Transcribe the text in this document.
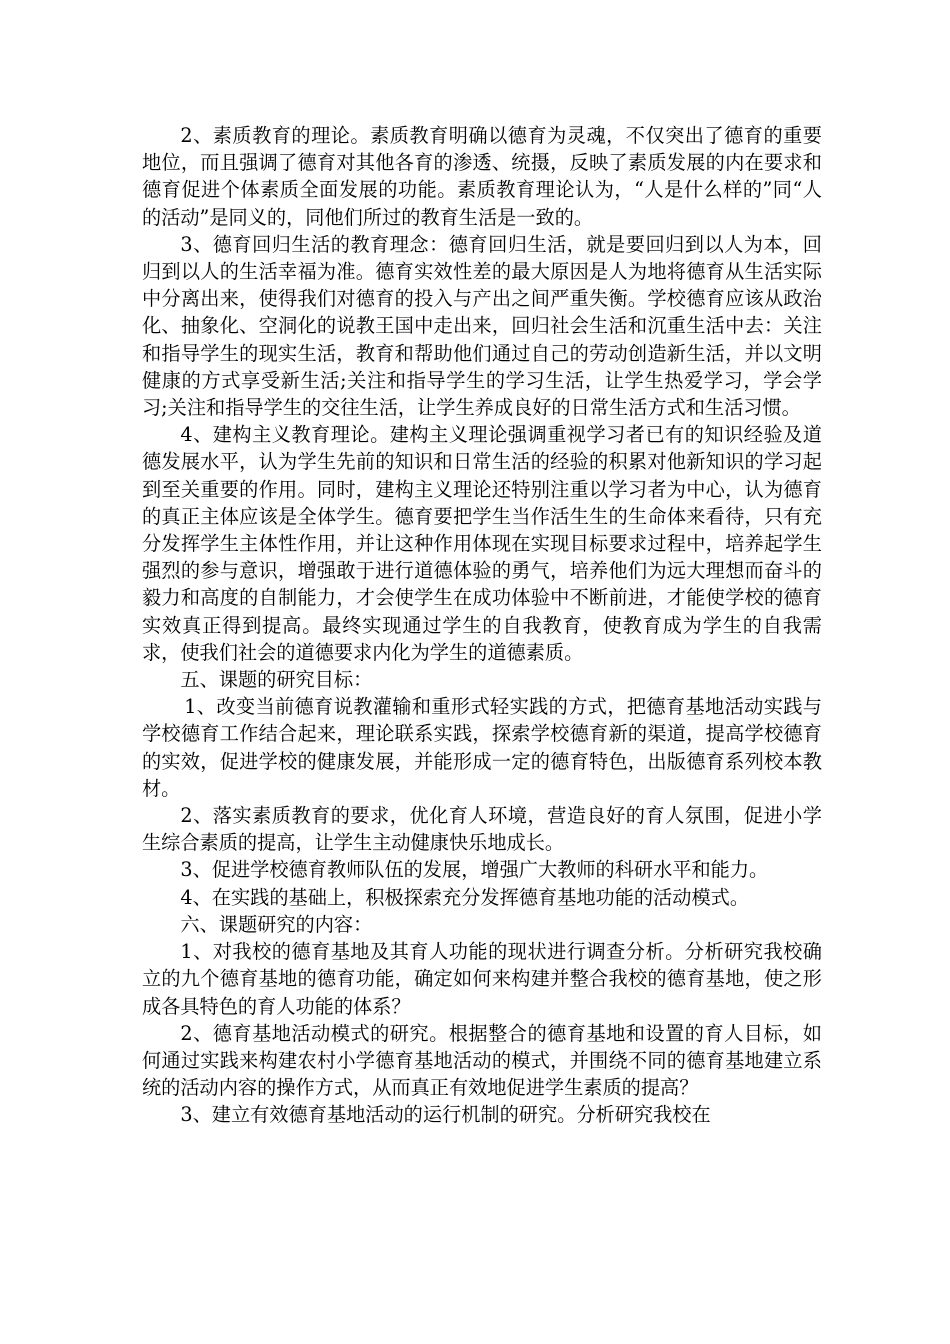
2、素质教育的理论。素质教育明确以德育为灵魂，不仅突出了德育的重要地位，而且强调了德育对其他各育的渗透、统摄，反映了素质发展的内在要求和德育促进个体素质全面发展的功能。素质教育理论认为，“人是什么样的”同“人的活动”是同义的，同他们所过的教育生活是一致的。

3、德育回归生活的教育理念：德育回归生活，就是要回归到以人为本，回归到以人的生活幸福为准。德育实效性差的最大原因是人为地将德育从生活实际中分离出来，使得我们对德育的投入与产出之间严重失衡。学校德育应该从政治化、抽象化、空洞化的说教王国中走出来，回归社会生活和沉重生活中去：关注和指导学生的现实生活，教育和帮助他们通过自己的劳动创造新生活，并以文明健康的方式享受新生活;关注和指导学生的学习生活，让学生热爱学习，学会学习;关注和指导学生的交往生活，让学生养成良好的日常生活方式和生活习惯。

4、建构主义教育理论。建构主义理论强调重视学习者已有的知识经验及道德发展水平，认为学生先前的知识和日常生活的经验的积累对他新知识的学习起到至关重要的作用。同时，建构主义理论还特别注重以学习者为中心，认为德育的真正主体应该是全体学生。德育要把学生当作活生生的生命体来看待，只有充分发挥学生主体性作用，并让这种作用体现在实现目标要求过程中，培养起学生强烈的参与意识，增强敢于进行道德体验的勇气，培养他们为远大理想而奋斗的毅力和高度的自制能力，才会使学生在成功体验中不断前进，才能使学校的德育实效真正得到提高。最终实现通过学生的自我教育，使教育成为学生的自我需求，使我们社会的道德要求内化为学生的道德素质。

五、课题的研究目标：

1、改变当前德育说教灌输和重形式轻实践的方式，把德育基地活动实践与学校德育工作结合起来，理论联系实践，探索学校德育新的渠道，提高学校德育的实效，促进学校的健康发展，并能形成一定的德育特色，出版德育系列校本教材。

2、落实素质教育的要求，优化育人环境，营造良好的育人氛围，促进小学生综合素质的提高，让学生主动健康快乐地成长。

3、促进学校德育教师队伍的发展，增强广大教师的科研水平和能力。

4、在实践的基础上，积极探索充分发挥德育基地功能的活动模式。

六、课题研究的内容：

1、对我校的德育基地及其育人功能的现状进行调查分析。分析研究我校确立的九个德育基地的德育功能，确定如何来构建并整合我校的德育基地，使之形成各具特色的育人功能的体系？

2、德育基地活动模式的研究。根据整合的德育基地和设置的育人目标，如何通过实践来构建农村小学德育基地活动的模式，并围绕不同的德育基地建立系统的活动内容的操作方式，从而真正有效地促进学生素质的提高？

3、建立有效德育基地活动的运行机制的研究。分析研究我校在
